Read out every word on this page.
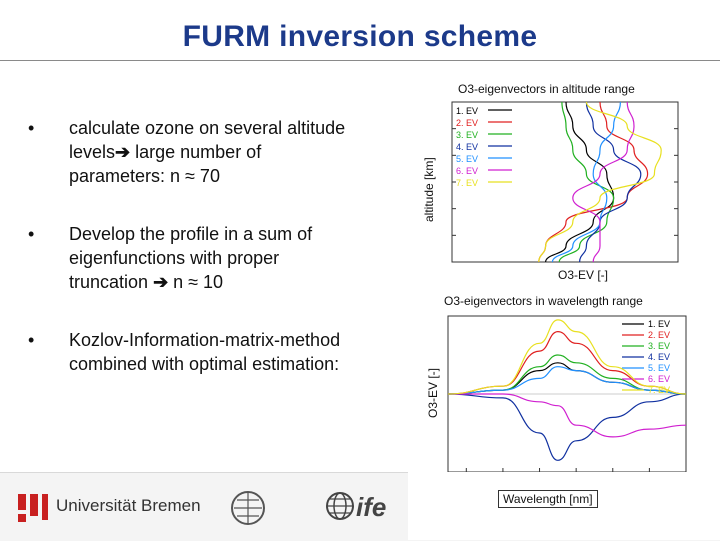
FURM inversion scheme
•	calculate ozone on several altitude
levels➔ large number of
parameters: n ≈ 70
•	Develop the profile in a sum of
eigenfunctions with proper
truncation ➔ n ≈ 10
•	Kozlov-Information-matrix-method
combined with optimal estimation:
O3-eigenvectors in altitude range
altitude [km]
O3-EV [-]
1. EV
2. EV
3. EV
4. EV
5. EV
6. EV
7. EV
O3-eigenvectors in wavelength range
O3-EV [-]
1. EV
2. EV
3. EV
4. EV
5. EV
6. EV
7. EV
Universität Bremen	ife	Wavelength [nm]
